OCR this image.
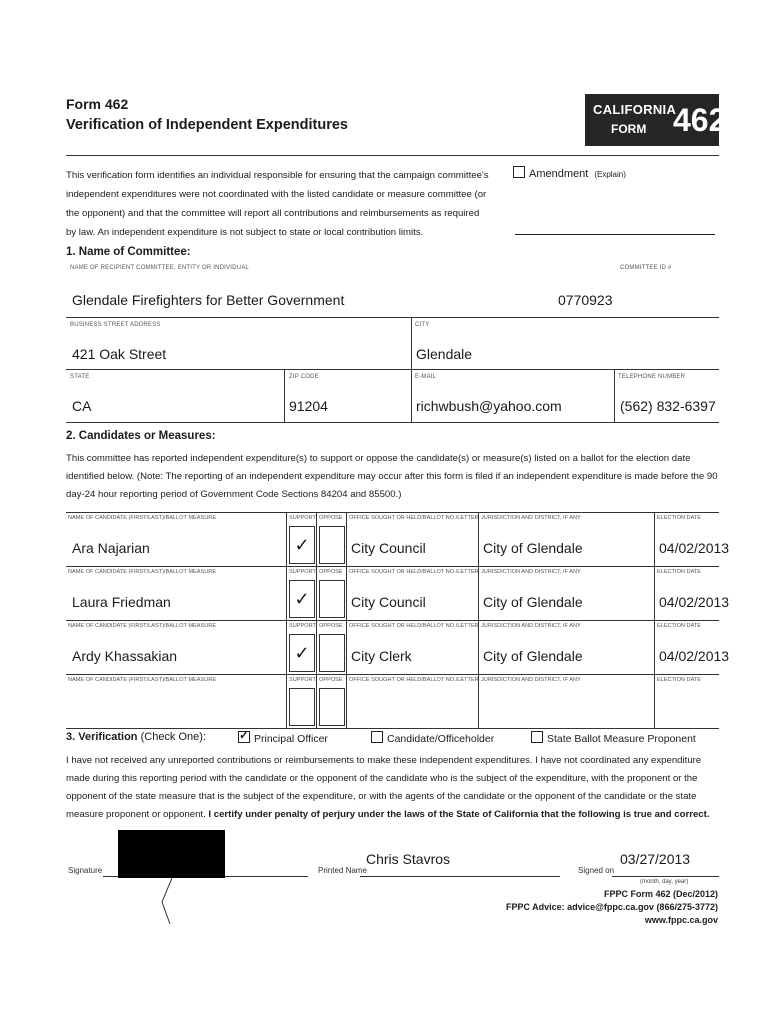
Form 462
Verification of Independent Expenditures
CALIFORNIA
FORM 462
This verification form identifies an individual responsible for ensuring that the campaign committee's independent expenditures were not coordinated with the listed candidate or measure committee (or the opponent) and that the committee will report all contributions and reimbursements as required by law. An independent expenditure is not subject to state or local contribution limits.
Amendment (Explain)
1. Name of Committee:
NAME OF RECIPIENT COMMITTEE, ENTITY OR INDIVIDUAL	COMMITTEE ID #
Glendale Firefighters for Better Government	0770923
BUSINESS STREET ADDRESS	CITY
421 Oak Street	Glendale
STATE	ZIP CODE	E-MAIL	TELEPHONE NUMBER
CA	91204	richwbush@yahoo.com	(562) 832-6397
2. Candidates or Measures:
This committee has reported independent expenditure(s) to support or oppose the candidate(s) or measure(s) listed on a ballot for the election date identified below. (Note: The reporting of an independent expenditure may occur after this form is filed if an independent expenditure is made before the 90 day-24 hour reporting period of Government Code Sections 84204 and 85500.)
NAME OF CANDIDATE (FIRST/LAST)/BALLOT MEASURE
Ara Najarian
SUPPORT
✓
OPPOSE OFFICE SOUGHT OR HELD/BALLOT NO./LETTER
City Council
JURISDICTION AND DISTRICT, IF ANY
City of Glendale
ELECTION DATE
04/02/2013
NAME OF CANDIDATE (FIRST/LAST)/BALLOT MEASURE
Laura Friedman
SUPPORT
✓
OPPOSE OFFICE SOUGHT OR HELD/BALLOT NO./LETTER
City Council
JURISDICTION AND DISTRICT, IF ANY
City of Glendale
ELECTION DATE
04/02/2013
NAME OF CANDIDATE (FIRST/LAST)/BALLOT MEASURE
Ardy Khassakian
SUPPORT
✓
OPPOSE OFFICE SOUGHT OR HELD/BALLOT NO./LETTER
City Clerk
JURISDICTION AND DISTRICT, IF ANY
City of Glendale
ELECTION DATE
04/02/2013
NAME OF CANDIDATE (FIRST/LAST)/BALLOT MEASURE	SUPPORT OPPOSE OFFICE SOUGHT OR HELD/BALLOT NO./LETTER JURISDICTION AND DISTRICT, IF ANY	ELECTION DATE
3. Verification (Check One):
✓	Principal Officer	Candidate/Officeholder	State Ballot Measure Proponent
I have not received any unreported contributions or reimbursements to make these independent expenditures. I have not coordinated any expenditure made during this reporting period with the candidate or the opponent of the candidate who is the subject of the expenditure, with the proponent or the opponent of the state measure that is the subject of the expenditure, or with the agents of the candidate or the opponent of the candidate or the state measure proponent or opponent. I certify under penalty of perjury under the laws of the State of California that the following is true and correct.
Signature	Printed Name
Chris Stavros
Signed on
03/27/2013
(month, day, year)
FPPC Form 462 (Dec/2012)
FPPC Advice: advice@fppc.ca.gov (866/275-3772)
www.fppc.ca.gov
